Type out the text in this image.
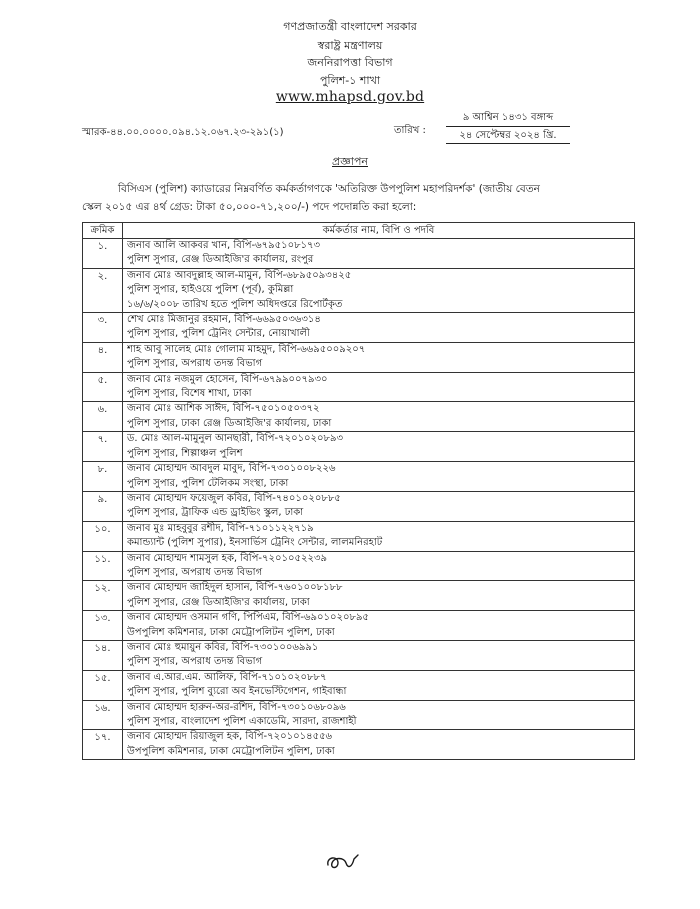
গণপ্রজাতন্ত্রী বাংলাদেশ সরকার
স্বরাষ্ট্র মন্ত্রণালয়
জননিরাপত্তা বিভাগ
পুলিশ-১ শাখা
www.mhapsd.gov.bd
স্মারক-৪৪.০০.০০০০.০৯৪.১২.০৬৭.২৩-২৯১(১)	তারিখ :
৯ আশ্বিন ১৪৩১ বঙ্গাব্দ
২৪ সেপ্টেম্বর ২০২৪ খ্রি.
প্রজ্ঞাপন
বিসিএস (পুলিশ) ক্যাডারের নিম্নবর্ণিত কর্মকর্তাগণকে 'অতিরিক্ত উপপুলিশ মহাপরিদর্শক' (জাতীয় বেতন
স্কেল ২০১৫ এর ৪র্থ গ্রেড: টাকা ৫০,০০০-৭১,২০০/-) পদে পদোন্নতি করা হলো:
ক্রমিক	কর্মকর্তার নাম, বিপি ও পদবি
১.	জনাব আলি আকবর খান, বিপি-৬৭৯৫১০৮১৭৩
পুলিশ সুপার, রেঞ্জ ডিআইজি'র কার্যালয়, রংপুর

২.	জনাব মোঃ আবদুল্লাহ আল-মামুন, বিপি-৬৮৯৫০৯৩৪২৫
পুলিশ সুপার, হাইওয়ে পুলিশ (পূর্ব), কুমিল্লা
১৬/৬/২০০৮ তারিখ হতে পুলিশ অধিদপ্তরে রিপোর্টকৃত

৩.	শেখ মোঃ মিজানুর রহমান, বিপি-৬৬৯৫০৩৬৩১৪
পুলিশ সুপার, পুলিশ ট্রেনিং সেন্টার, নোয়াখালী

৪.	শাহ আবু সালেহ মোঃ গোলাম মাহমুদ, বিপি-৬৬৯৫০০৯২০৭
পুলিশ সুপার, অপরাধ তদন্ত বিভাগ

৫.	জনাব মোঃ নজমুল হোসেন, বিপি-৬৭৯৯০০৭৯৩০
পুলিশ সুপার, বিশেষ শাখা, ঢাকা

৬.	জনাব মোঃ আশিক সাঈদ, বিপি-৭৫০১০৫০৩৭২
পুলিশ সুপার, ঢাকা রেঞ্জ ডিআইজি'র কার্যালয়, ঢাকা

৭.	ড. মোঃ আল-মামুনুল আনছারী, বিপি-৭২০১০২০৮৯৩
পুলিশ সুপার, শিল্পাঞ্চল পুলিশ

৮.	জনাব মোহাম্মদ আবদুল মাবুদ, বিপি-৭৩০১০০৮২২৬
পুলিশ সুপার, পুলিশ টেলিকম সংস্থা, ঢাকা

৯.	জনাব মোহাম্মদ ফয়েজুল কবির, বিপি-৭৪০১০২০৮৮৫
পুলিশ সুপার, ট্রাফিক এন্ড ড্রাইভিং স্কুল, ঢাকা

১০.	জনাব মুঃ মাহবুবুর রশীদ, বিপি-৭১০১১২২৭১৯
কমান্ড্যান্ট (পুলিশ সুপার), ইনসার্ভিস ট্রেনিং সেন্টার, লালমনিরহাট

১১.	জনাব মোহাম্মদ শামসুল হক, বিপি-৭২০১০৫২২৩৯
পুলিশ সুপার, অপরাধ তদন্ত বিভাগ

১২.	জনাব মোহাম্মদ জাহিদুল হাসান, বিপি-৭৬০১০০৮১৮৮
পুলিশ সুপার, রেঞ্জ ডিআইজি'র কার্যালয়, ঢাকা

১৩.	জনাব মোহাম্মদ ওসমান গণি, পিপিএম, বিপি-৬৯০১০২০৮৯৫
উপপুলিশ কমিশনার, ঢাকা মেট্রোপলিটন পুলিশ, ঢাকা

১৪.	জনাব মোঃ হুমায়ুন কবির, বিপি-৭৩০১০০৬৯৯১
পুলিশ সুপার, অপরাধ তদন্ত বিভাগ

১৫.	জনাব এ.আর.এম. আলিফ, বিপি-৭১০১০২০৮৮৭
পুলিশ সুপার, পুলিশ ব্যুরো অব ইনভেস্টিগেশন, গাইবান্ধা

১৬.	জনাব মোহাম্মদ হারুন-অর-রশিদ, বিপি-৭৩০১০৬৮০৯৬
পুলিশ সুপার, বাংলাদেশ পুলিশ একাডেমি, সারদা, রাজশাহী

১৭.	জনাব মোহাম্মদ রিয়াজুল হক, বিপি-৭২০১০১৪৫৫৬
উপপুলিশ কমিশনার, ঢাকা মেট্রোপলিটন পুলিশ, ঢাকা
